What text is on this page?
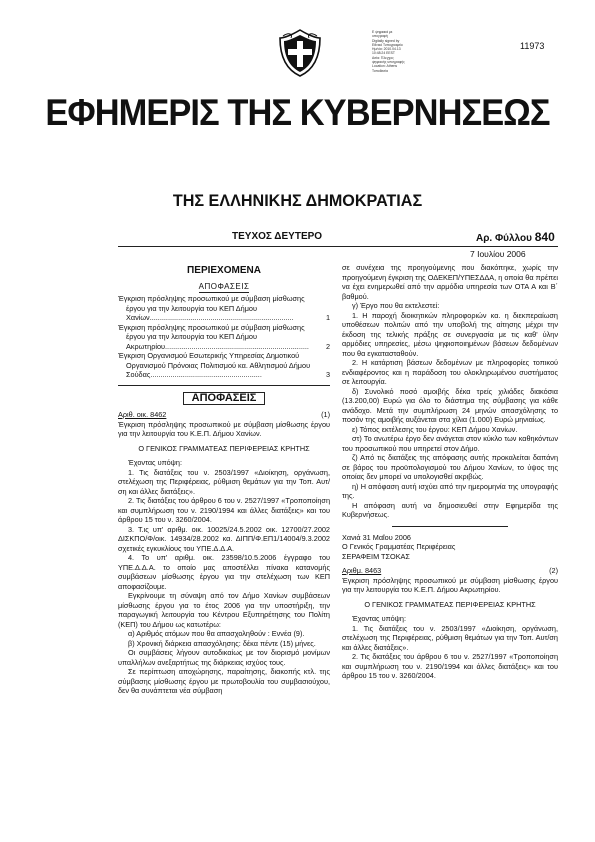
Ε ψηφιακά με
υπογραφή
Digitally signed by
Εθνικό Τυπογραφείο
Ημ/νία: 2010.04.13
10:48:24 EEST
Αιτία: Έλεγχος
ψηφιακής υπογραφής
Location: Athens
Τοποθεσία
11973
ΕΦΗΜΕΡΙΣ ΤΗΣ ΚΥΒΕΡΝΗΣΕΩΣ
ΤΗΣ ΕΛΛΗΝΙΚΗΣ ΔΗΜΟΚΡΑΤΙΑΣ
ΤΕΥΧΟΣ ΔΕΥΤΕΡΟ	Αρ. Φύλλου 840
7 Ιουλίου 2006
ΠΕΡΙΕΧΟΜΕΝΑ
ΑΠΟΦΑΣΕΙΣ
Έγκριση πρόσληψης προσωπικού με σύμβαση μίσθωσης έργου για την λειτουργία του ΚΕΠ Δήμου Χανίων.......................................................................	1
Έγκριση πρόσληψης προσωπικού με σύμβαση μίσθωσης έργου για την λειτουργία του ΚΕΠ Δήμου Ακρωτηρίου.......................................................................	2
Έγκριση Οργανισμού Εσωτερικής Υπηρεσίας Δημοτικού Οργανισμού Πρόνοιας Πολιτισμού κα. Αθλητισμού Δήμου Σούδας.......................................................	3
ΑΠΟΦΑΣΕΙΣ
Αριθ. οικ. 8462	(1)

Έγκριση πρόσληψης προσωπικού με σύμβαση μίσθωσης έργου για την λειτουργία του Κ.Ε.Π. Δήμου Χανίων.

Ο ΓΕΝΙΚΟΣ ΓΡΑΜΜΑΤΕΑΣ ΠΕΡΙΦΕΡΕΙΑΣ ΚΡΗΤΗΣ

Έχοντας υπόψη:

1. Τις διατάξεις του ν. 2503/1997 «Διοίκηση, οργάνωση, στελέχωση της Περιφέρειας, ρύθμιση θεμάτων για την Τοπ. Αυτ/ση και άλλες διατάξεις».

2. Τις διατάξεις του άρθρου 6 του ν. 2527/1997 «Τροποποίηση και συμπλήρωση του ν. 2190/1994 και άλλες διατάξεις» και του άρθρου 15 του ν. 3260/2004.

3. Τ.ις υπ' αριθμ. οικ. 10025/24.5.2002 οικ. 12700/27.2002 ΔΙΣΚΠΟ/Φ/οικ. 14934/28.2002 κα. ΔΙΠΠ/Φ.ΕΠ1/14004/9.3.2002 σχετικές εγκυκλίους του ΥΠΕ.Δ.Δ.Α.

4. Το υπ' αριθμ. οικ. 23598/10.5.2006 έγγραφο του ΥΠΕ.Δ.Δ.Α. το οποίο μας αποστέλλει πίνακα κατανομής συμβάσεων μίσθωσης έργου για την στελέχωση των ΚΕΠ αποφασίζουμε.

Εγκρίνουμε τη σύναψη από τον Δήμο Χανίων συμβάσεων μίσθωσης έργου για το έτος 2006 για την υποστήριξη, την παραγωγική λειτουργία του Κέντρου Εξυπηρέτησης του Πολίτη (ΚΕΠ) του Δήμου ως κατωτέρω:

α) Αριθμός ατόμων που θα απασχοληθούν : Εννέα (9).

β) Χρονική διάρκεια απασχόλησης: δέκα πέντε (15) μήνες.

Οι συμβάσεις λήγουν αυτοδικαίως με τον διορισμό μονίμων υπαλλήλων ανεξαρτήτως της διάρκειας ισχύος τους.

Σε περίπτωση αποχώρησης, παραίτησης, διακοπής κτλ. της σύμβασης μίσθωσης έργου με πρωτοβουλία του συμβασιούχου, δεν θα συνάπτεται νέα σύμβαση

σε συνέχεια της προηγούμενης που διακόπηκε, χωρίς την προηγούμενη έγκριση της ΟΔΕΚΕΠ/ΥΠΕΣΔΔΑ, η οποία θα πρέπει να έχει ενημερωθεί από την αρμόδια υπηρεσία των ΟΤΑ Α και Β΄ βαθμού.

γ) Έργο που θα εκτελεστεί:

1. Η παροχή διοικητικών πληροφοριών κα. η διεκπεραίωση υποθέσεων πολιτών από την υποβολή της αίτησης μέχρι την έκδοση της τελικής πράξης σε συνεργασία με τις καθ' ύλην αρμόδιες υπηρεσίες, μέσω ψηφιοποιημένων βάσεων δεδομένων που θα εγκατασταθούν.

2. Η κατάρτιση βάσεων δεδομένων με πληροφορίες τοπικού ενδιαφέροντος και η παράδοση του ολοκληρωμένου συστήματος σε λειτουργία.

δ) Συνολικό ποσό αμοιβής δέκα τρείς χιλιάδες διακόσια (13.200,00) Ευρώ για όλο το διάστημα της σύμβασης για κάθε ανάδοχο. Μετά την συμπλήρωση 24 μηνών απασχόλησης το ποσόν της αμοιβής αυξάνεται στα χίλια (1.000) Ευρώ μηνιαίως.

ε) Τόπος εκτέλεσης του έργου: ΚΕΠ Δήμου Χανίων.

στ) Το ανωτέρω έργο δεν ανάγεται στον κύκλο των καθηκόντων του προσωπικού που υπηρετεί στον Δήμο.

ζ) Από τις διατάξεις της απόφασης αυτής προκαλείται δαπάνη σε βάρος του προϋπολογισμού του Δήμου Χανίων, το ύψος της οποίας δεν μπορεί να υπολογισθεί ακριβώς.

η) Η απόφαση αυτή ισχύει από την ημερομηνία της υπογραφής της.

Η απόφαση αυτή να δημοσιευθεί στην Εφημερίδα της Κυβερνήσεως.

Χανιά 31 Μαΐου 2006

Ο Γενικός Γραμματέας Περιφέρειας

ΣΕΡΑΦΕΙΜ ΤΣΟΚΑΣ

Αριθμ. 8463	(2)

Έγκριση πρόσληψης προσωπικού με σύμβαση μίσθωσης έργου για την λειτουργία του Κ.Ε.Π. Δήμου Ακρωτηρίου.

Ο ΓΕΝΙΚΟΣ ΓΡΑΜΜΑΤΕΑΣ ΠΕΡΙΦΕΡΕΙΑΣ ΚΡΗΤΗΣ

Έχοντας υπόψη:

1. Τις διατάξεις του ν. 2503/1997 «Διοίκηση, οργάνωση, στελέχωση της Περιφέρειας, ρύθμιση θεμάτων για την Τοπ. Αυτ/ση και άλλες διατάξεις».

2. Τις διατάξεις του άρθρου 6 του ν. 2527/1997 «Τροποποίηση και συμπλήρωση του ν. 2190/1994 και άλλες διατάξεις» και του άρθρου 15 του ν. 3260/2004.
